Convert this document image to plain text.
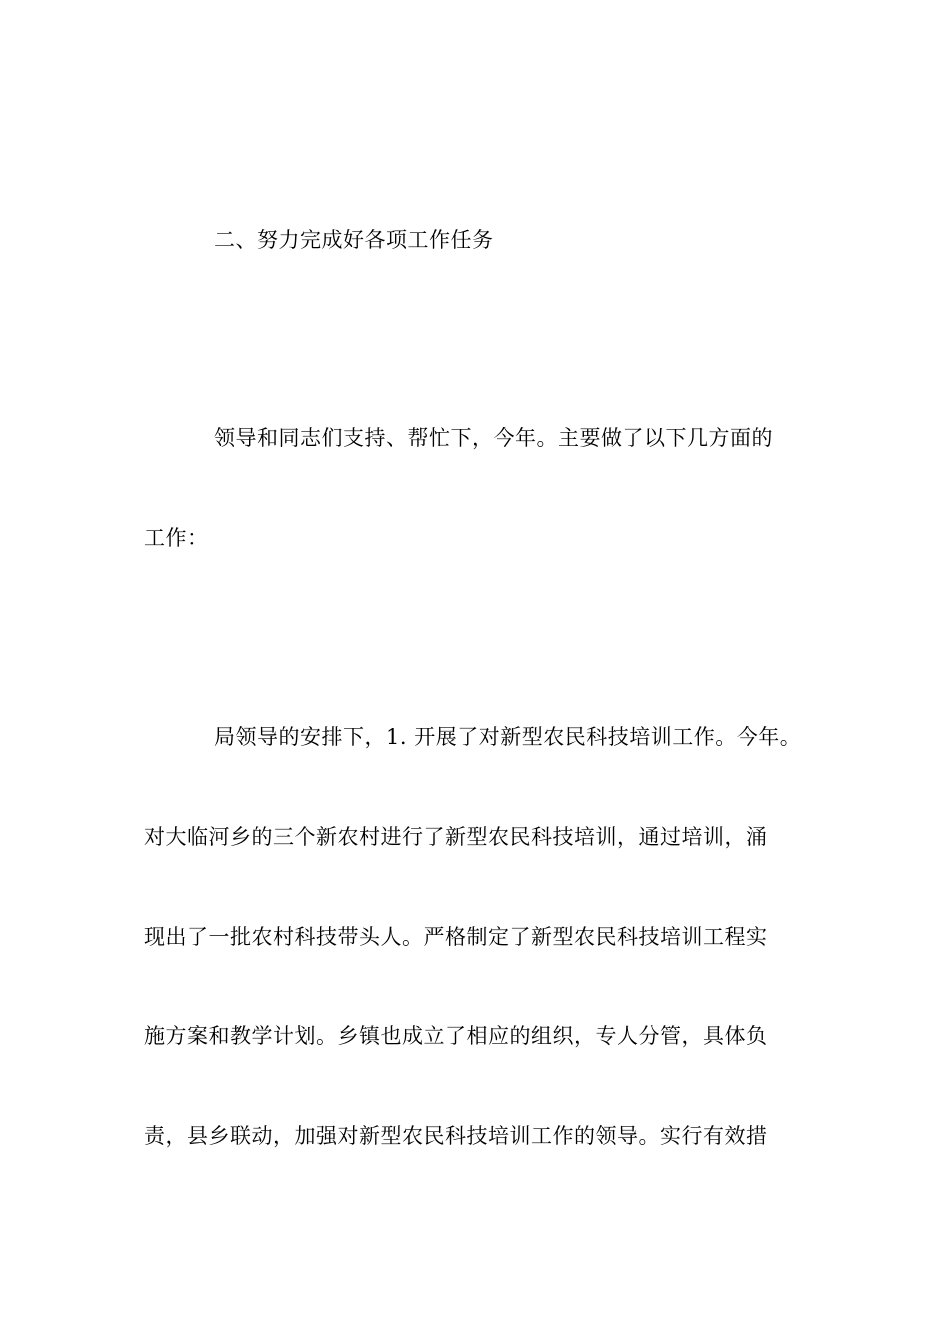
二、努力完成好各项工作任务
领导和同志们支持、帮忙下，今年。主要做了以下几方面的
工作：
局领导的安排下，1. 开展了对新型农民科技培训工作。今年。
对大临河乡的三个新农村进行了新型农民科技培训，通过培训，涌
现出了一批农村科技带头人。严格制定了新型农民科技培训工程实
施方案和教学计划。乡镇也成立了相应的组织，专人分管，具体负
责，县乡联动，加强对新型农民科技培训工作的领导。实行有效措
